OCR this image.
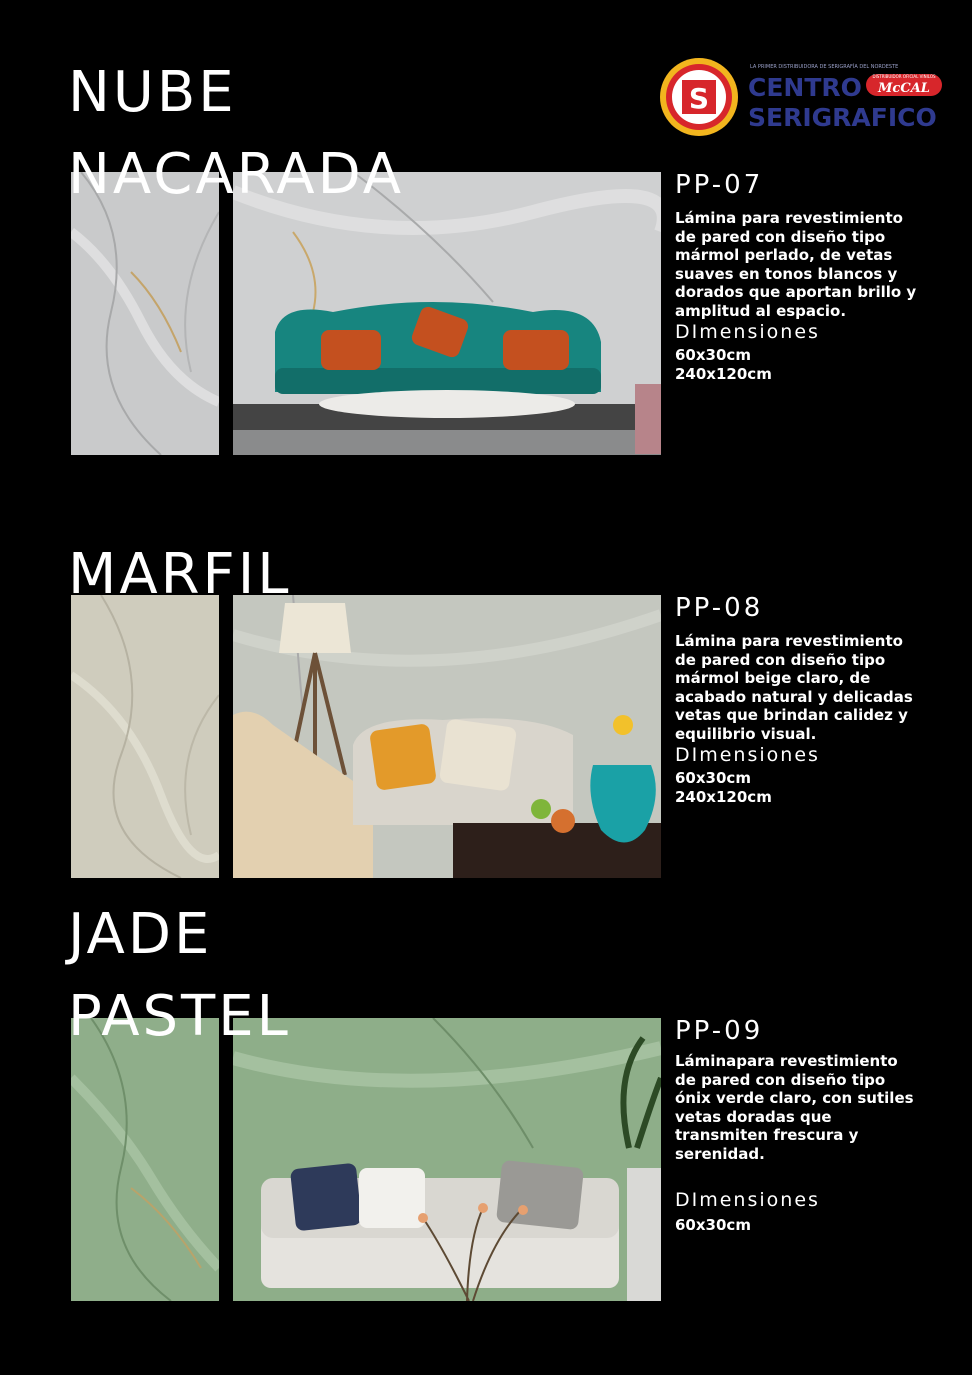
S
LA PRIMER DISTRIBUIDORA DE SERIGRAFÍA DEL NORDESTE
CENTRO
SERIGRAFICO
DISTRIBUIDOR OFICIAL VINILOS
McCAL
NUBE
NACARADA	PP-07

Lámina para revestimiento de pared con diseño tipo mármol perlado, de vetas suaves en tonos blancos y dorados que aportan brillo y amplitud al espacio.

DImensiones
60x30cm
240x120cm
MARFIL
PP-08

Lámina para revestimiento de pared con diseño tipo mármol beige claro, de acabado natural y delicadas vetas que brindan calidez y equilibrio visual.

DImensiones
60x30cm
240x120cm
JADE
PASTEL	PP-09

Láminapara revestimiento de pared con diseño tipo ónix verde claro, con sutiles vetas doradas que transmiten frescura y serenidad.

DImensiones
60x30cm
